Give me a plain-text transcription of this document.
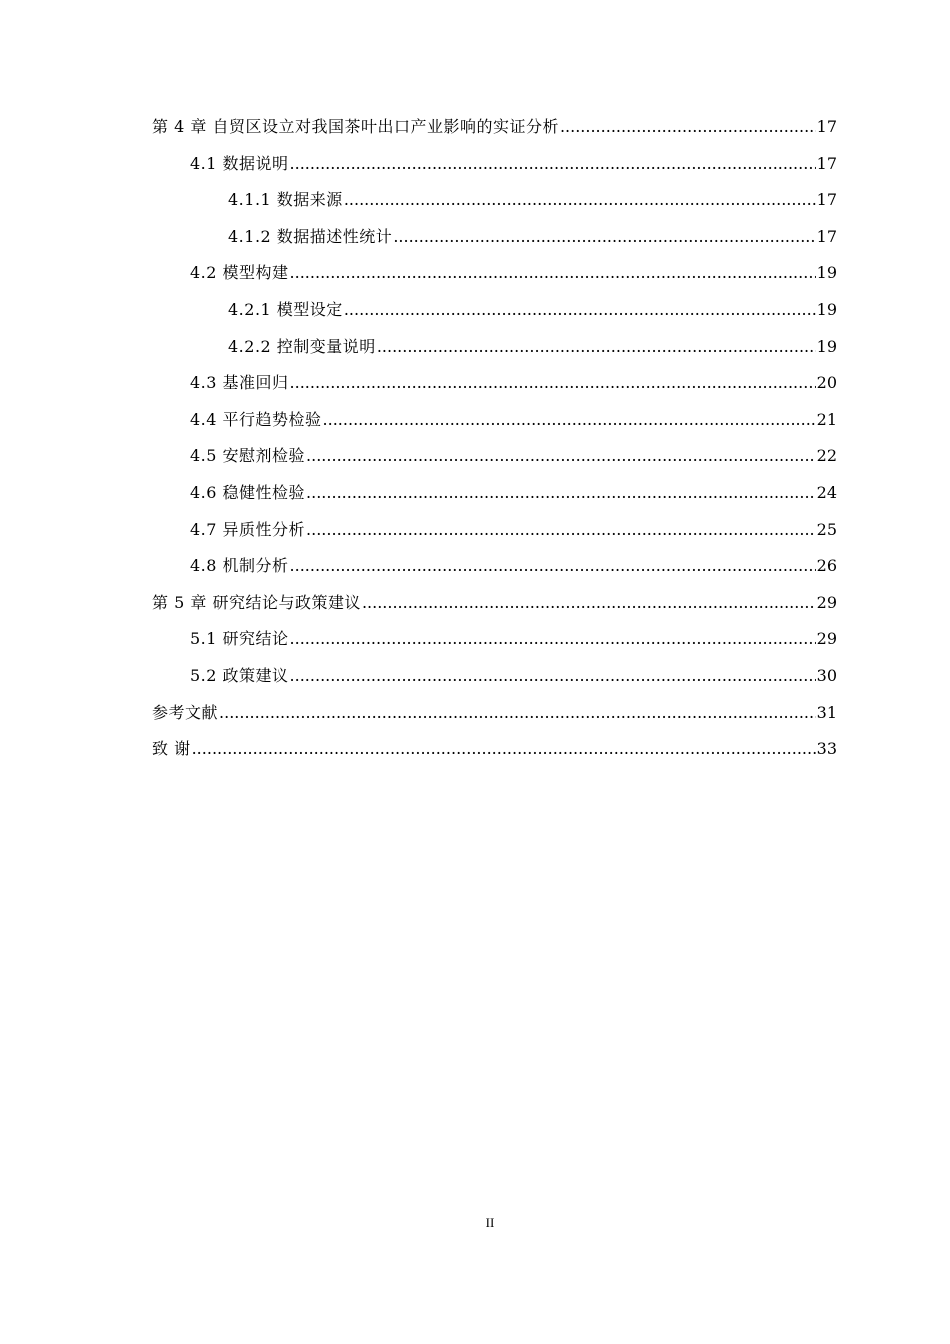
第 4 章 自贸区设立对我国茶叶出口产业影响的实证分析 .....	17
4.1 数据说明 .....	17
4.1.1 数据来源 .....	17
4.1.2 数据描述性统计 .....	17
4.2 模型构建 .....	19
4.2.1 模型设定 .....	19
4.2.2 控制变量说明 .....	19
4.3 基准回归 .....	20
4.4 平行趋势检验 .....	21
4.5 安慰剂检验 .....	22
4.6 稳健性检验 .....	24
4.7 异质性分析 .....	25
4.8 机制分析 .....	26
第 5 章 研究结论与政策建议 .....	29
5.1 研究结论 .....	29
5.2 政策建议 .....	30
参考文献 .....	31
致 谢 .....	33
II
